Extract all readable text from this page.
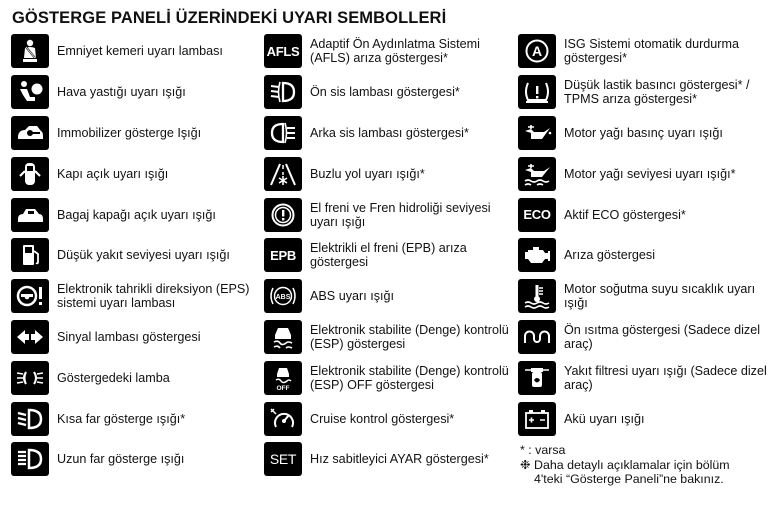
GÖSTERGE PANELİ ÜZERİNDEKİ UYARI SEMBOLLERİ
Emniyet kemeri uyarı lambası
Hava yastığı uyarı ışığı
Immobilizer gösterge Işığı
Kapı açık uyarı ışığı
Bagaj kapağı açık uyarı ışığı
Düşük yakıt seviyesi uyarı ışığı
Elektronik tahrikli direksiyon (EPS) sistemi uyarı lambası
Sinyal lambası göstergesi
Göstergedeki lamba
Kısa far gösterge ışığı*
Uzun far gösterge ışığı
AFLS Adaptif Ön Aydınlatma Sistemi (AFLS) arıza göstergesi*
Ön sis lambası göstergesi*
Arka sis lambası göstergesi*
Buzlu yol uyarı ışığı*
El freni ve Fren hidroliği seviyesi uyarı ışığı
EPB Elektrikli el freni (EPB) arıza göstergesi
ABS ABS uyarı ışığı
Elektronik stabilite (Denge) kontrolü (ESP) göstergesi
OFF
Elektronik stabilite (Denge) kontrolü (ESP) OFF göstergesi
Cruise kontrol göstergesi*
SET Hız sabitleyici AYAR göstergesi*
A ISG Sistemi otomatik durdurma göstergesi*
Düşük lastik basıncı göstergesi* / TPMS arıza göstergesi*
Motor yağı basınç uyarı ışığı
Motor yağı seviyesi uyarı ışığı*
ECO Aktif ECO göstergesi*
Arıza göstergesi
Motor soğutma suyu sıcaklık uyarı ışığı
Ön ısıtma göstergesi (Sadece dizel araç)
Yakıt filtresi uyarı ışığı (Sadece dizel araç)
Akü uyarı ışığı
* : varsa
❉ Daha detaylı açıklamalar için bölüm 4'teki “Gösterge Paneli”ne bakınız.
